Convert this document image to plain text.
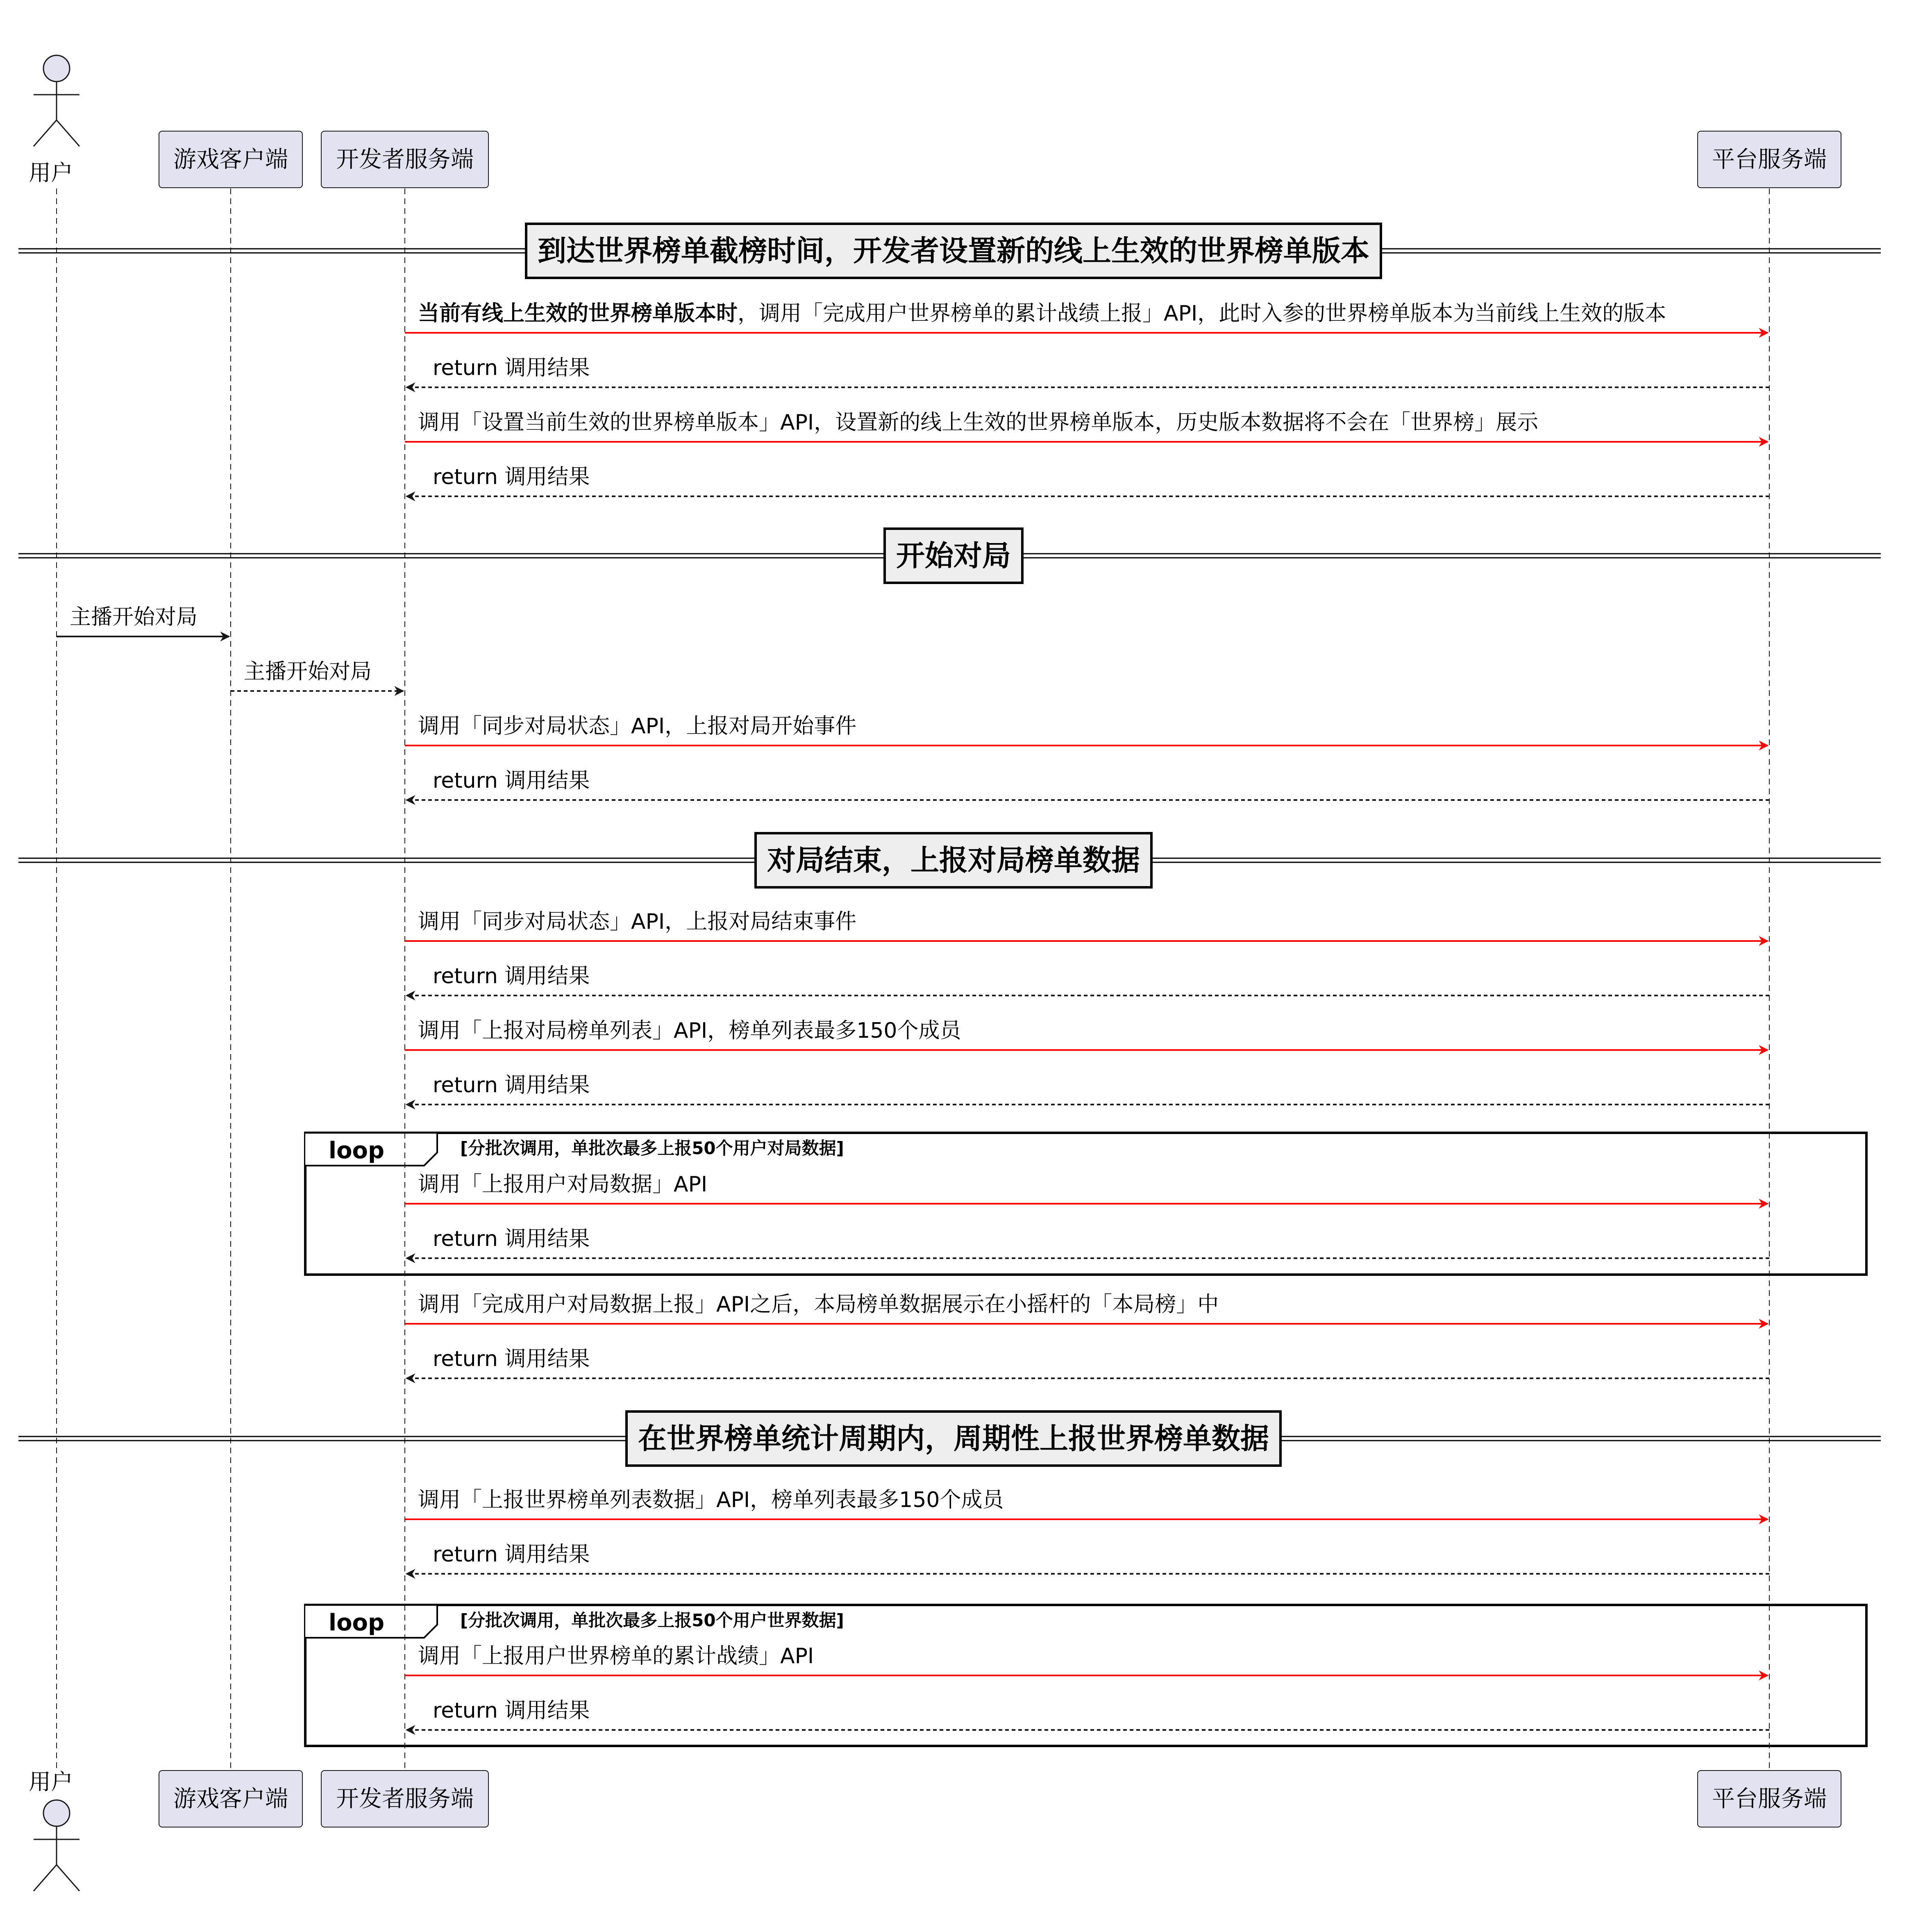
loop	[分批次调用，单批次最多上报50个用户对局数据]
loop	[分批次调用，单批次最多上报50个用户世界数据]
到达世界榜单截榜时间，开发者设置新的线上生效的世界榜单版本
开始对局
对局结束，上报对局榜单数据
在世界榜单统计周期内，周期性上报世界榜单数据
当前有线上生效的世界榜单版本时，调用「完成用户世界榜单的累计战绩上报」API，此时入参的世界榜单版本为当前线上生效的版本
return 调用结果
调用「设置当前生效的世界榜单版本」API，设置新的线上生效的世界榜单版本，历史版本数据将不会在「世界榜」展示
return 调用结果
主播开始对局
主播开始对局
调用「同步对局状态」API，上报对局开始事件
return 调用结果
调用「同步对局状态」API，上报对局结束事件
return 调用结果
调用「上报对局榜单列表」API，榜单列表最多150个成员
return 调用结果
调用「上报用户对局数据」API
return 调用结果
调用「完成用户对局数据上报」API之后，本局榜单数据展示在小摇杆的「本局榜」中
return 调用结果
调用「上报世界榜单列表数据」API，榜单列表最多150个成员
return 调用结果
调用「上报用户世界榜单的累计战绩」API
return 调用结果
用户
用户
游戏客户端
游戏客户端
开发者服务端
开发者服务端
平台服务端
平台服务端
